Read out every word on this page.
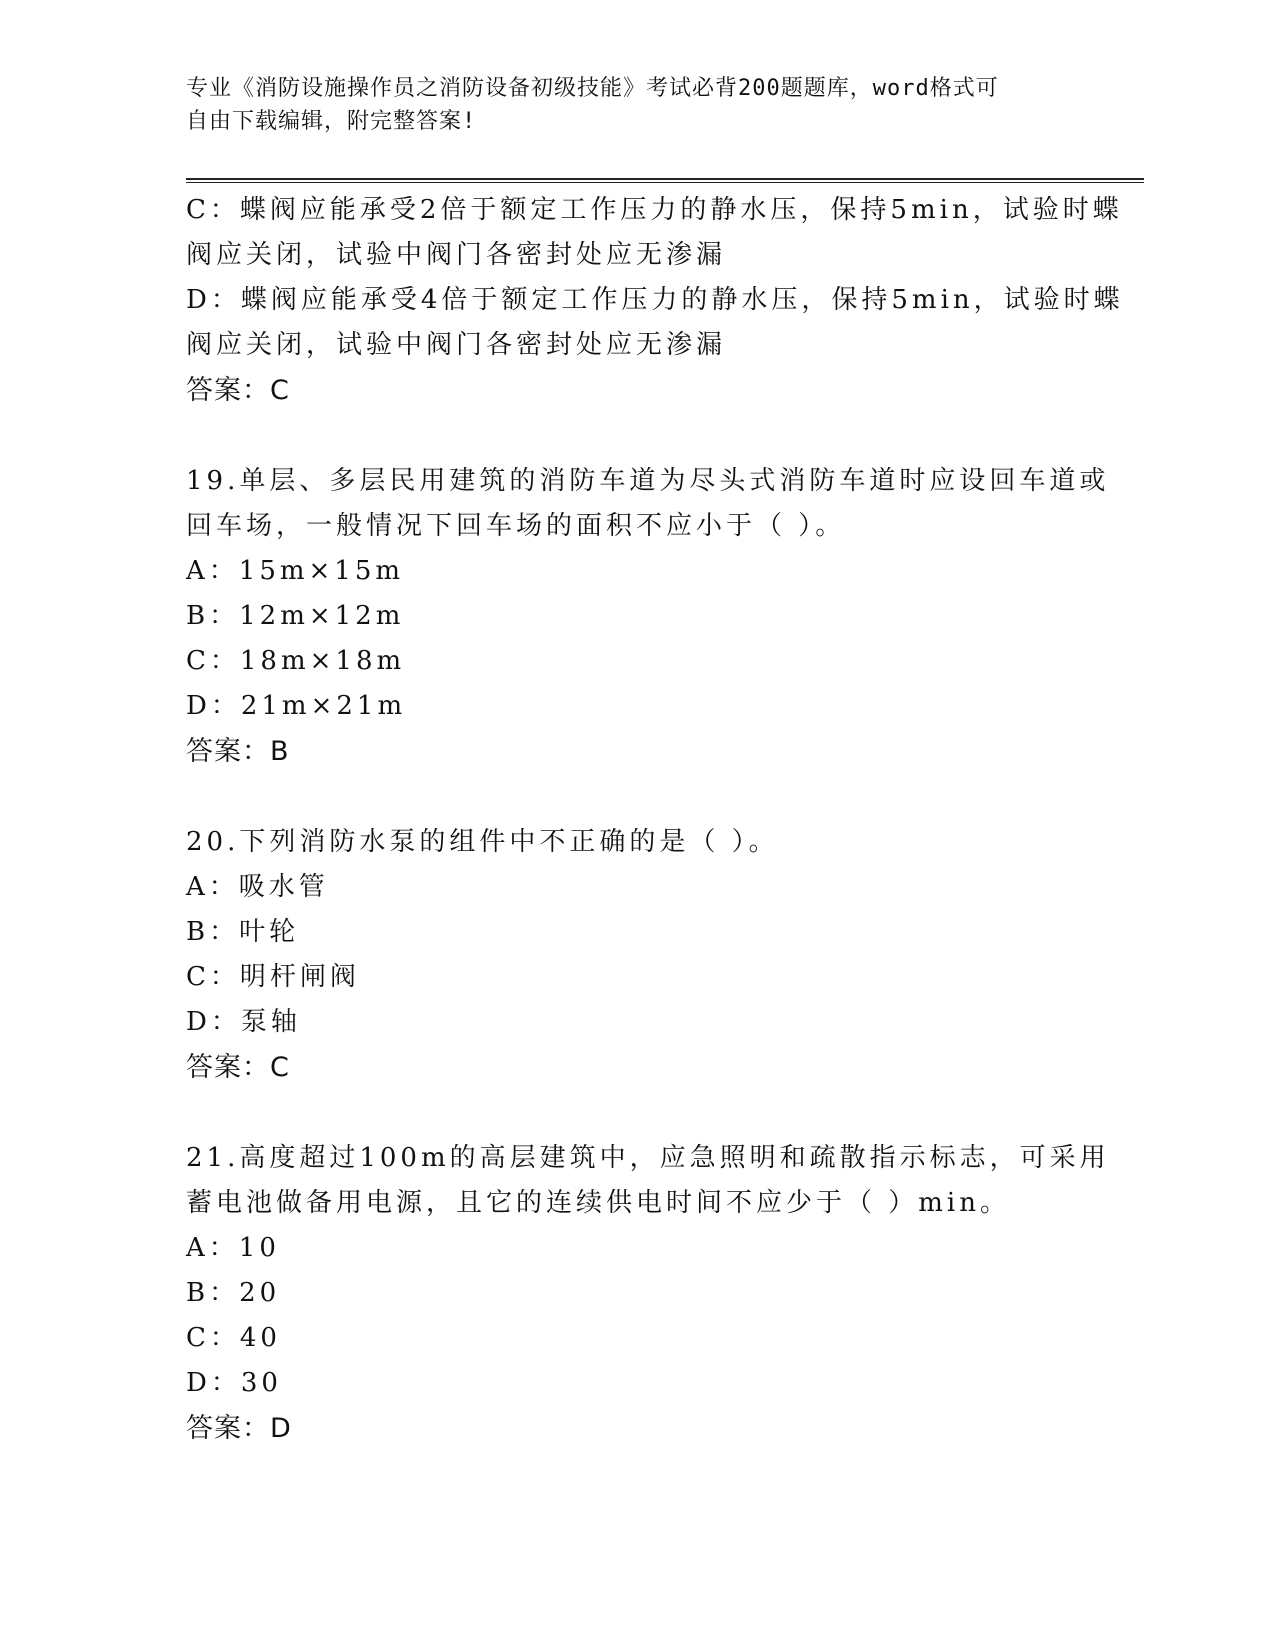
专业《消防设施操作员之消防设备初级技能》考试必背200题题库，word格式可
自由下载编辑，附完整答案!
C：蝶阀应能承受2倍于额定工作压力的静水压，保持5min，试验时蝶
阀应关闭，试验中阀门各密封处应无渗漏
D：蝶阀应能承受4倍于额定工作压力的静水压，保持5min，试验时蝶
阀应关闭，试验中阀门各密封处应无渗漏
答案：C
19.单层、多层民用建筑的消防车道为尽头式消防车道时应设回车道或
回车场，一般情况下回车场的面积不应小于（ ）。
A：15m×15m
B：12m×12m
C：18m×18m
D：21m×21m
答案：B
20.下列消防水泵的组件中不正确的是（ ）。
A：吸水管
B：叶轮
C：明杆闸阀
D：泵轴
答案：C
21.高度超过100m的高层建筑中，应急照明和疏散指示标志，可采用
蓄电池做备用电源，且它的连续供电时间不应少于（ ）min。
A：10
B：20
C：40
D：30
答案：D
